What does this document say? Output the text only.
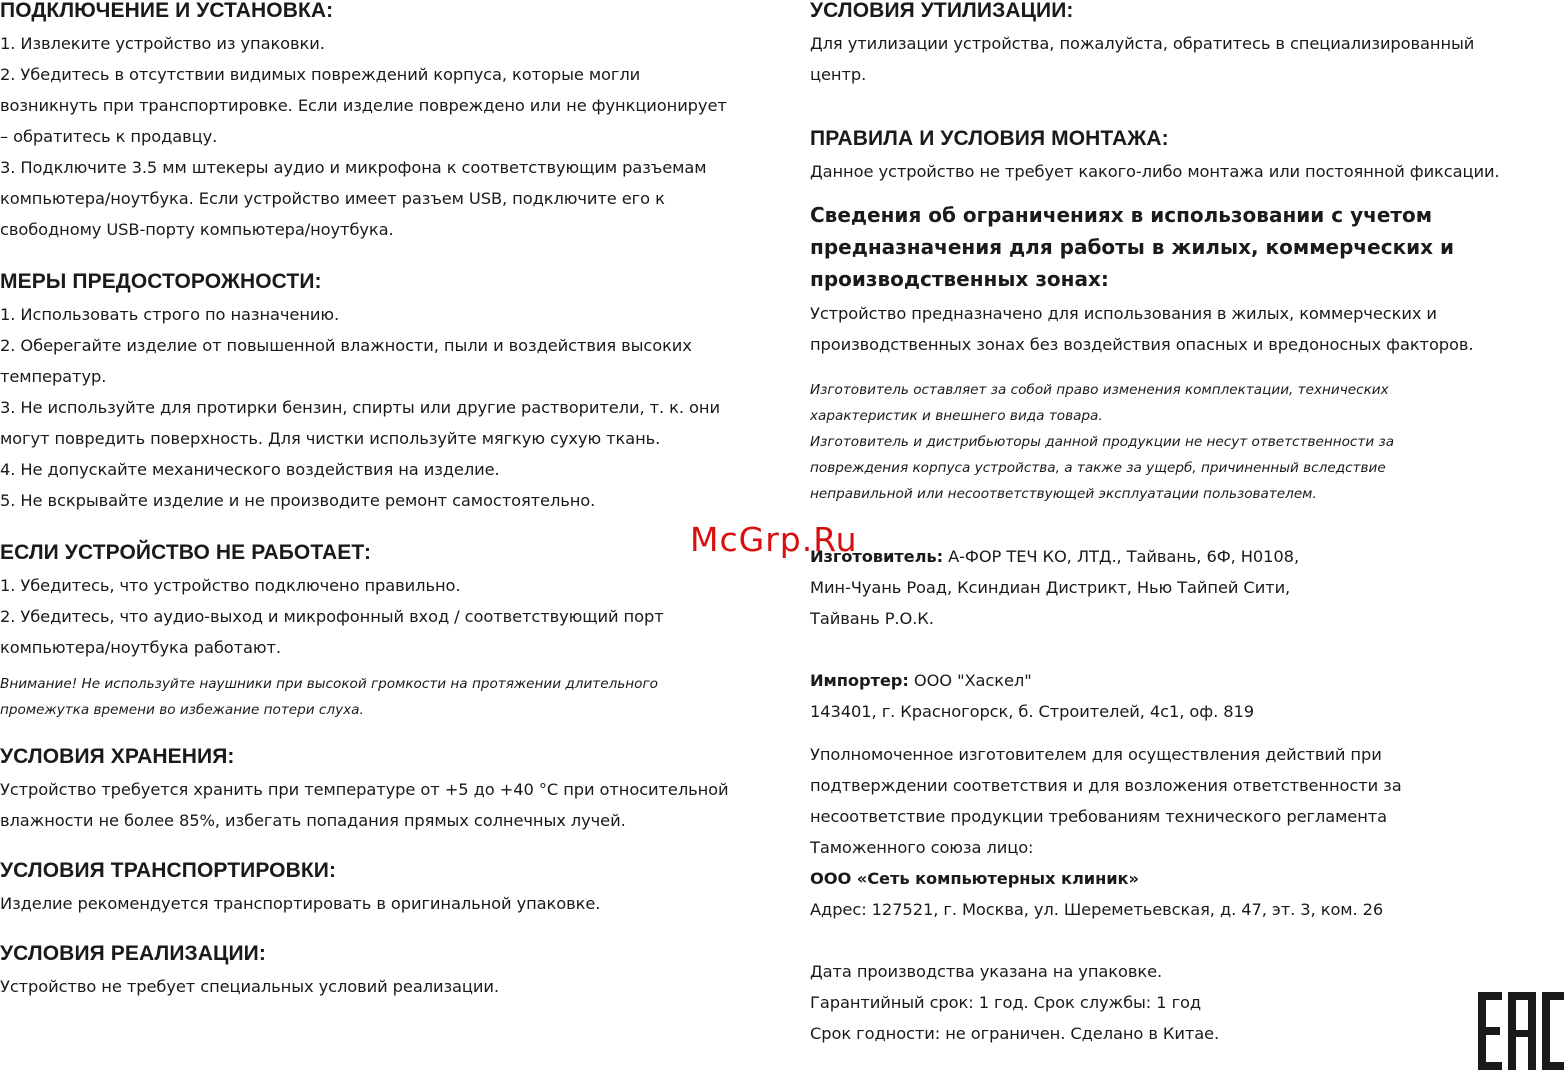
ПОДКЛЮЧЕНИЕ И УСТАНОВКА:
1. Извлеките устройство из упаковки.
2. Убедитесь в отсутствии видимых повреждений корпуса, которые могли
возникнуть при транспортировке. Если изделие повреждено или не функционирует
– обратитесь к продавцу.
3. Подключите 3.5 мм штекеры аудио и микрофона к соответствующим разъемам
компьютера/ноутбука. Если устройство имеет разъем USB, подключите его к
свободному USB-порту компьютера/ноутбука.
МЕРЫ ПРЕДОСТОРОЖНОСТИ:
1. Использовать строго по назначению.
2. Оберегайте изделие от повышенной влажности, пыли и воздействия высоких
температур.
3. Не используйте для протирки бензин, спирты или другие растворители, т. к. они
могут повредить поверхность. Для чистки используйте мягкую сухую ткань.
4. Не допускайте механического воздействия на изделие.
5. Не вскрывайте изделие и не производите ремонт самостоятельно.
ЕСЛИ УСТРОЙСТВО НЕ РАБОТАЕТ:
1. Убедитесь, что устройство подключено правильно.
2. Убедитесь, что аудио-выход и микрофонный вход / соответствующий порт
компьютера/ноутбука работают.
Внимание! Не используйте наушники при высокой громкости на протяжении длительного
промежутка времени во избежание потери слуха.
УСЛОВИЯ ХРАНЕНИЯ:
Устройство требуется хранить при температуре от +5 до +40 °С при относительной
влажности не более 85%, избегать попадания прямых солнечных лучей.
УСЛОВИЯ ТРАНСПОРТИРОВКИ:
Изделие рекомендуется транспортировать в оригинальной упаковке.
УСЛОВИЯ РЕАЛИЗАЦИИ:
Устройство не требует специальных условий реализации.
УСЛОВИЯ УТИЛИЗАЦИИ:
Для утилизации устройства, пожалуйста, обратитесь в специализированный
центр.
ПРАВИЛА И УСЛОВИЯ МОНТАЖА:
Данное устройство не требует какого-либо монтажа или постоянной фиксации.
Сведения об ограничениях в использовании с учетом
предназначения для работы в жилых, коммерческих и
производственных зонах:
Устройство предназначено для использования в жилых, коммерческих и
производственных зонах без воздействия опасных и вредоносных факторов.
Изготовитель оставляет за собой право изменения комплектации, технических
характеристик и внешнего вида товара.
Изготовитель и дистрибьюторы данной продукции не несут ответственности за
повреждения корпуса устройства, а также за ущерб, причиненный вследствие
неправильной или несоответствующей эксплуатации пользователем.
Изготовитель: А-ФОР ТЕЧ КО, ЛТД., Тайвань, 6Ф, Н0108,
Мин-Чуань Роад, Ксиндиан Дистрикт, Нью Тайпей Сити,
Тайвань Р.О.К.
Импортер: ООО "Хаскел"
143401, г. Красногорск, б. Строителей, 4с1, оф. 819
Уполномоченное изготовителем для осуществления действий при
подтверждении соответствия и для возложения ответственности за
несоответствие продукции требованиям технического регламента
Таможенного союза лицо:
ООО «Сеть компьютерных клиник»
Адрес: 127521, г. Москва, ул. Шереметьевская, д. 47, эт. 3, ком. 26
Дата производства указана на упаковке.
Гарантийный срок: 1 год. Срок службы: 1 год
Срок годности: не ограничен. Сделано в Китае.
McGrp.Ru
